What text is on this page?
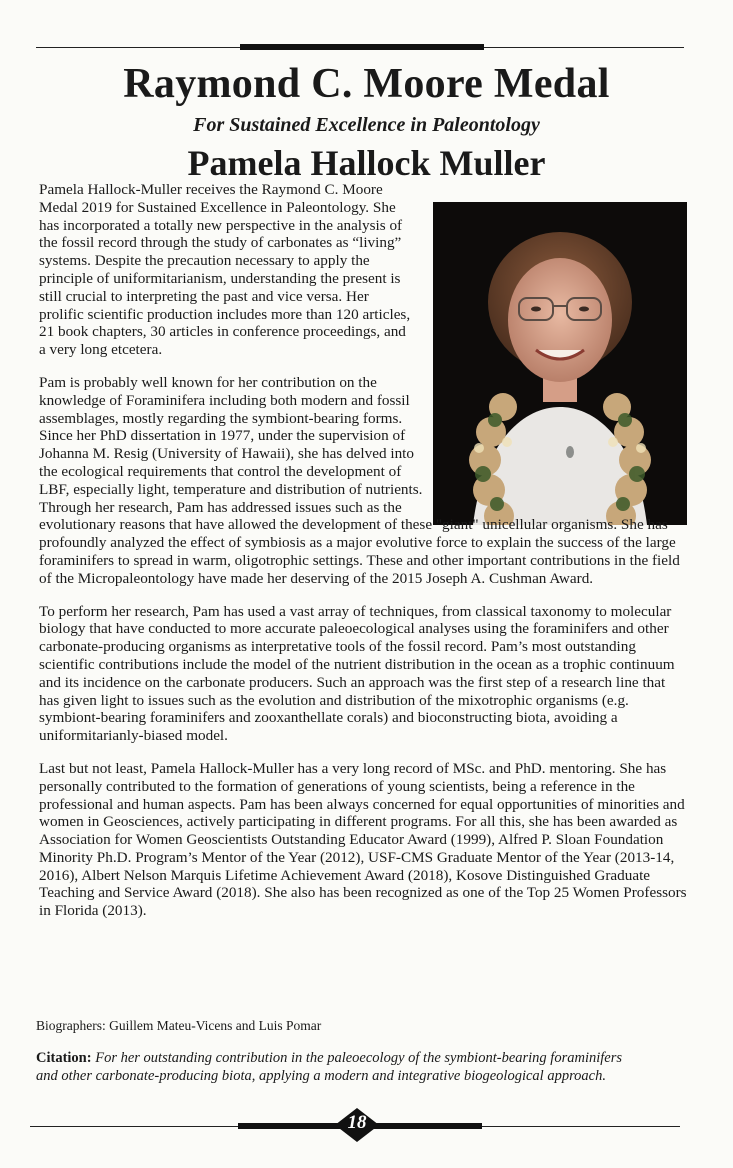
Raymond C. Moore Medal
For Sustained Excellence in Paleontology
Pamela Hallock Muller

Pamela Hallock-Muller receives the Raymond C. Moore Medal 2019 for Sustained Excellence in Paleontology. She has incorporated a totally new perspective in the analysis of the fossil record through the study of carbonates as “living” systems. Despite the precaution necessary to apply the principle of uniformitarianism, understanding the present is still crucial to interpreting the past and vice versa. Her prolific scientific production includes more than 120 articles, 21 book chapters, 30 articles in conference proceedings, and a very long etcetera.

Pam is probably well known for her contribution on the knowledge of Foraminifera including both modern and fossil assemblages, mostly regarding the symbiont-bearing forms. Since her PhD dissertation in 1977, under the supervision of Johanna M. Resig (University of Hawaii), she has delved into the ecological requirements that control the development of LBF, especially light, temperature and distribution of nutrients. Through her research, Pam has addressed issues such as the evolutionary reasons that have allowed the development of these "giant" unicellular organisms. She has profoundly analyzed the effect of symbiosis as a major evolutive force to explain the success of the large foraminifers to spread in warm, oligotrophic settings. These and other important contributions in the field of the Micropaleontology have made her deserving of the 2015 Joseph A. Cushman Award.

To perform her research, Pam has used a vast array of techniques, from classical taxonomy to molecular biology that have conducted to more accurate paleoecological analyses using the foraminifers and other carbonate-producing organisms as interpretative tools of the fossil record. Pam’s most outstanding scientific contributions include the model of the nutrient distribution in the ocean as a trophic continuum and its incidence on the carbonate producers. Such an approach was the first step of a research line that has given light to issues such as the evolution and distribution of the mixotrophic organisms (e.g. symbiont-bearing foraminifers and zooxanthellate corals) and bioconstructing biota, avoiding a uniformitarianly-biased model.

Last but not least, Pamela Hallock-Muller has a very long record of MSc. and PhD. mentoring. She has personally contributed to the formation of generations of young scientists, being a reference in the professional and human aspects. Pam has been always concerned for equal opportunities of minorities and women in Geosciences, actively participating in different programs. For all this, she has been awarded as Association for Women Geoscientists Outstanding Educator Award (1999), Alfred P. Sloan Foundation Minority Ph.D. Program’s Mentor of the Year (2012), USF-CMS Graduate Mentor of the Year (2013-14, 2016), Albert Nelson Marquis Lifetime Achievement Award (2018), Kosove Distinguished Graduate Teaching and Service Award (2018). She also has been recognized as one of the Top 25 Women Professors in Florida (2013).

Biographers: Guillem Mateu-Vicens and Luis Pomar
Citation: For her outstanding contribution in the paleoecology of the symbiont-bearing foraminifers and other carbonate-producing biota, applying a modern and integrative biogeological approach.
18
